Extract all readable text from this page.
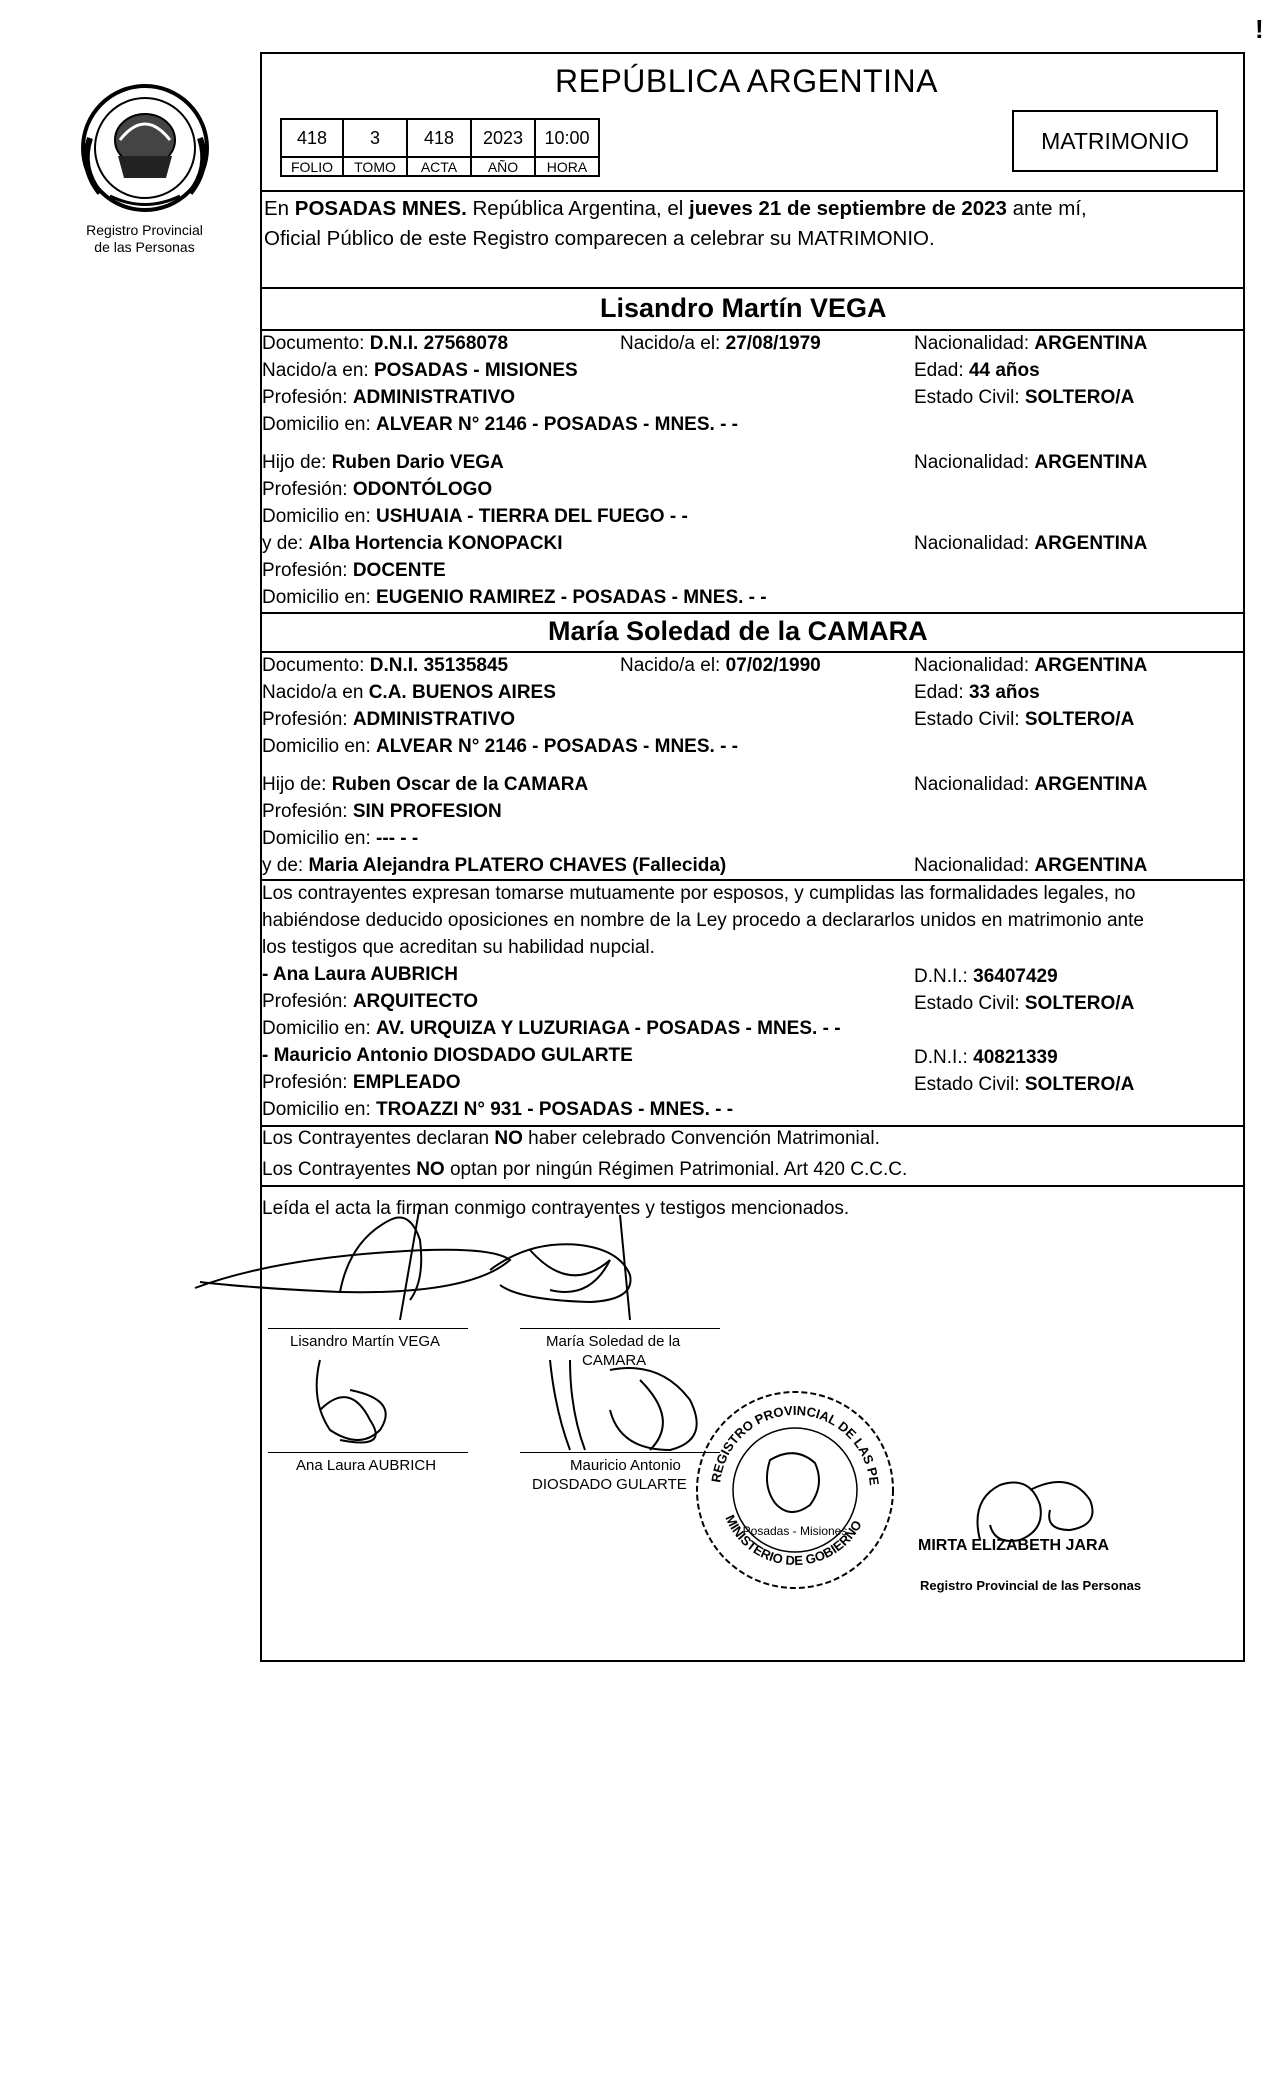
!
Registro Provincial
de las Personas
REPÚBLICA ARGENTINA
418	3	418	2023	10:00
FOLIO	TOMO	ACTA	AÑO	HORA
MATRIMONIO
En POSADAS MNES. República Argentina, el jueves 21 de septiembre de 2023 ante mí,
Oficial Público de este Registro comparecen a celebrar su MATRIMONIO.
Lisandro Martín VEGA
Documento: D.N.I. 27568078	Nacido/a el: 27/08/1979	Nacionalidad: ARGENTINA
Nacido/a en: POSADAS - MISIONES	Edad: 44 años
Profesión: ADMINISTRATIVO	Estado Civil: SOLTERO/A
Domicilio en: ALVEAR N° 2146 - POSADAS - MNES. - -
Hijo de: Ruben Dario VEGA	Nacionalidad: ARGENTINA
Profesión: ODONTÓLOGO
Domicilio en: USHUAIA - TIERRA DEL FUEGO - -
y de: Alba Hortencia KONOPACKI	Nacionalidad: ARGENTINA
Profesión: DOCENTE
Domicilio en: EUGENIO RAMIREZ - POSADAS - MNES. - -
María Soledad de la CAMARA
Documento: D.N.I. 35135845	Nacido/a el: 07/02/1990	Nacionalidad: ARGENTINA
Nacido/a en C.A. BUENOS AIRES	Edad: 33 años
Profesión: ADMINISTRATIVO	Estado Civil: SOLTERO/A
Domicilio en: ALVEAR N° 2146 - POSADAS - MNES. - -
Hijo de: Ruben Oscar de la CAMARA	Nacionalidad: ARGENTINA
Profesión: SIN PROFESION
Domicilio en: --- - -
y de: Maria Alejandra PLATERO CHAVES (Fallecida)	Nacionalidad: ARGENTINA
Los contrayentes expresan tomarse mutuamente por esposos, y cumplidas las formalidades legales, no
habiéndose deducido oposiciones en nombre de la Ley procedo a declararlos unidos en matrimonio ante
los testigos que acreditan su habilidad nupcial.
- Ana Laura AUBRICH	D.N.I.: 36407429
Profesión: ARQUITECTO	Estado Civil: SOLTERO/A
Domicilio en: AV. URQUIZA Y LUZURIAGA - POSADAS - MNES. - -
- Mauricio Antonio DIOSDADO GULARTE	D.N.I.: 40821339
Profesión: EMPLEADO	Estado Civil: SOLTERO/A
Domicilio en: TROAZZI N° 931 - POSADAS - MNES. - -
Los Contrayentes declaran NO haber celebrado Convención Matrimonial.
Los Contrayentes NO optan por ningún Régimen Patrimonial. Art 420 C.C.C.
Leída el acta la firman conmigo contrayentes y testigos mencionados.
Lisandro Martín VEGA	María Soledad de la
CAMARA
Ana Laura AUBRICH	Mauricio Antonio
DIOSDADO GULARTE	REGISTRO PROVINCIAL DE LAS PE
MINISTERIO DE GOBIERNO
Posadas - Misiones
MIRTA ELIZABETH JARA
Registro Provincial de las Personas
